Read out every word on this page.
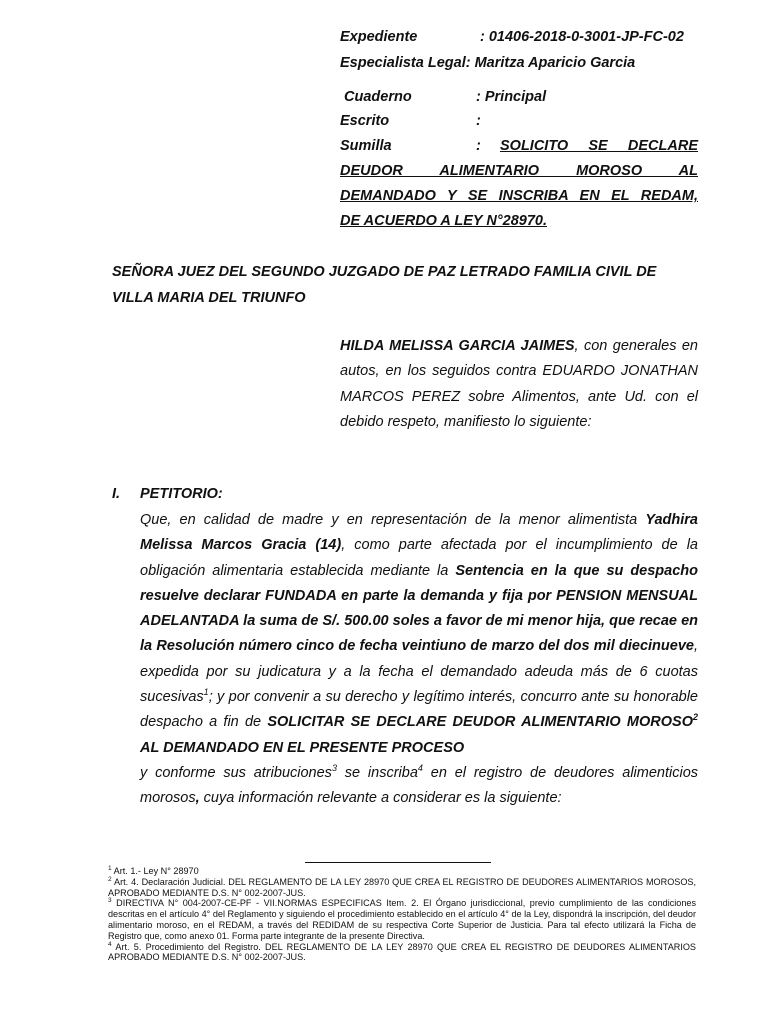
Expediente	: 01406-2018-0-3001-JP-FC-02
Especialista Legal: Maritza Aparicio Garcia
Cuaderno	: Principal
Escrito	:
Sumilla	: SOLICITO SE DECLARE
DEUDOR ALIMENTARIO MOROSO AL
DEMANDADO Y SE INSCRIBA EN EL REDAM,
DE ACUERDO A LEY N°28970.
SEÑORA JUEZ DEL SEGUNDO JUZGADO DE PAZ LETRADO FAMILIA CIVIL DE
VILLA MARIA DEL TRIUNFO

HILDA MELISSA GARCIA JAIMES, con generales en autos, en los seguidos contra EDUARDO JONATHAN MARCOS PEREZ sobre Alimentos, ante Ud. con el debido respeto, manifiesto lo siguiente:

I. PETITORIO:

Que, en calidad de madre y en representación de la menor alimentista Yadhira Melissa Marcos Gracia (14), como parte afectada por el incumplimiento de la obligación alimentaria establecida mediante la Sentencia en la que su despacho resuelve declarar FUNDADA en parte la demanda y fija por PENSION MENSUAL ADELANTADA la suma de S/. 500.00 soles a favor de mi menor hija, que recae en la Resolución número cinco de fecha veintiuno de marzo del dos mil diecinueve, expedida por su judicatura y a la fecha el demandado adeuda más de 6 cuotas sucesivas$^1$; y por convenir a su derecho y legítimo interés, concurro ante su honorable despacho a fin de SOLICITAR SE DECLARE DEUDOR ALIMENTARIO MOROSO$^2$ AL DEMANDADO EN EL PRESENTE PROCESO
y conforme sus atribuciones$^3$ se inscriba$^4$ en el registro de deudores alimenticios morosos, cuya información relevante a considerar es la siguiente:

$^1$ Art. 1.- Ley N° 28970

$^2$ Art. 4. Declaración Judicial. DEL REGLAMENTO DE LA LEY 28970 QUE CREA EL REGISTRO DE DEUDORES ALIMENTARIOS MOROSOS, APROBADO MEDIANTE D.S. N° 002-2007-JUS.

$^3$ DIRECTIVA N° 004-2007-CE-PF - VII.NORMAS ESPECIFICAS Item. 2. El Órgano jurisdiccional, previo cumplimiento de las condiciones descritas en el artículo 4° del Reglamento y siguiendo el procedimiento establecido en el artículo 4° de la Ley, dispondrá la inscripción, del deudor alimentario moroso, en el REDAM, a través del REDIDAM de su respectiva Corte Superior de Justicia. Para tal efecto utilizará la Ficha de Registro que, como anexo 01. Forma parte integrante de la presente Directiva.

$^4$ Art. 5. Procedimiento del Registro. DEL REGLAMENTO DE LA LEY 28970 QUE CREA EL REGISTRO DE DEUDORES ALIMENTARIOS APROBADO MEDIANTE D.S. N° 002-2007-JUS.
